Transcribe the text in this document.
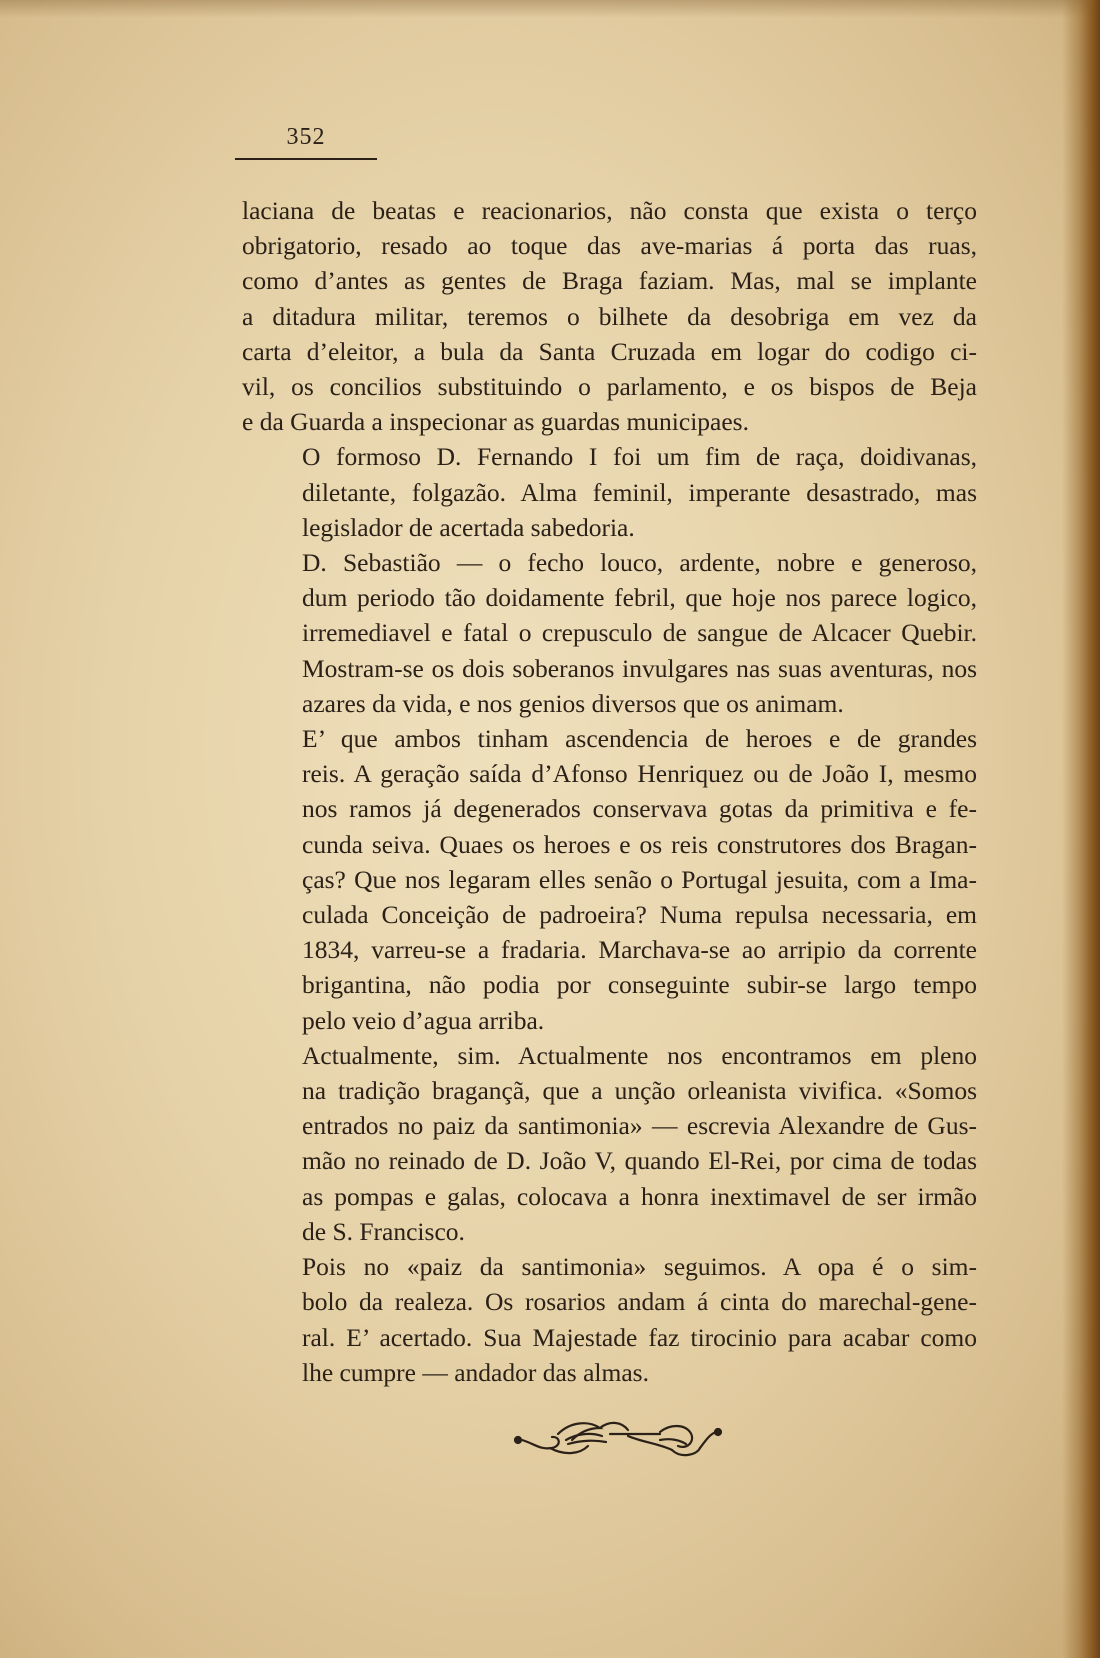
352

laciana de beatas e reacionarios, não consta que exista o terço
obrigatorio, resado ao toque das ave-marias á porta das ruas,
como d’antes as gentes de Braga faziam. Mas, mal se implante
a ditadura militar, teremos o bilhete da desobriga em vez da
carta d’eleitor, a bula da Santa Cruzada em logar do codigo ci-
vil, os concilios substituindo o parlamento, e os bispos de Beja
e da Guarda a inspecionar as guardas municipaes.

O formoso D. Fernando I foi um fim de raça, doidivanas,
diletante, folgazão. Alma feminil, imperante desastrado, mas
legislador de acertada sabedoria.

D. Sebastião — o fecho louco, ardente, nobre e generoso,
dum periodo tão doidamente febril, que hoje nos parece logico,
irremediavel e fatal o crepusculo de sangue de Alcacer Quebir.
Mostram-se os dois soberanos invulgares nas suas aventuras, nos
azares da vida, e nos genios diversos que os animam.

E’ que ambos tinham ascendencia de heroes e de grandes
reis. A geração saída d’Afonso Henriquez ou de João I, mesmo
nos ramos já degenerados conservava gotas da primitiva e fe-
cunda seiva. Quaes os heroes e os reis construtores dos Bragan-
ças? Que nos legaram elles senão o Portugal jesuita, com a Ima-
culada Conceição de padroeira? Numa repulsa necessaria, em
1834, varreu-se a fradaria. Marchava-se ao arripio da corrente
brigantina, não podia por conseguinte subir-se largo tempo
pelo veio d’agua arriba.

Actualmente, sim. Actualmente nos encontramos em pleno
na tradição bragançã, que a unção orleanista vivifica. «Somos
entrados no paiz da santimonia» — escrevia Alexandre de Gus-
mão no reinado de D. João V, quando El-Rei, por cima de todas
as pompas e galas, colocava a honra inextimavel de ser irmão
de S. Francisco.

Pois no «paiz da santimonia» seguimos. A opa é o sim-
bolo da realeza. Os rosarios andam á cinta do marechal-gene-
ral. E’ acertado. Sua Majestade faz tirocinio para acabar como
lhe cumpre — andador das almas.
